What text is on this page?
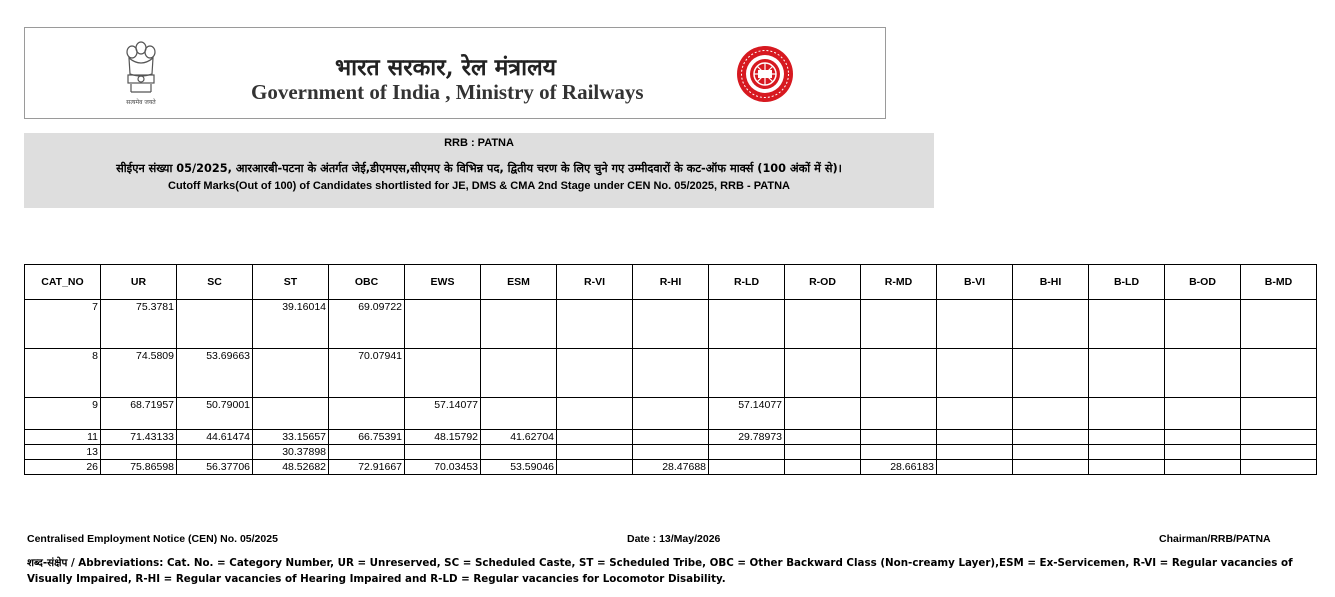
सत्यमेव जयते
भारत सरकार, रेल मंत्रालय
Government of India , Ministry of Railways
RRB : PATNA
सीईएन संख्या 05/2025, आरआरबी-पटना के अंतर्गत जेई,डीएमएस,सीएमए के विभिन्न पद, द्वितीय चरण के लिए चुने गए उम्मीदवारों के कट-ऑफ मार्क्स (100 अंकों में से)।
Cutoff Marks(Out of 100) of Candidates shortlisted for JE, DMS & CMA 2nd Stage under CEN No. 05/2025, RRB - PATNA
CAT_NO	UR	SC	ST	OBC	EWS	ESM	R-VI	R-HI	R-LD	R-OD	R-MD	B-VI	B-HI	B-LD	B-OD	B-MD
7	75.3781		39.16014	69.09722												
8	74.5809	53.69663		70.07941												
9	68.71957	50.79001			57.14077				57.14077							
11	71.43133	44.61474	33.15657	66.75391	48.15792	41.62704			29.78973							
13			30.37898													
26	75.86598	56.37706	48.52682	72.91667	70.03453	53.59046		28.47688			28.66183					
Centralised Employment Notice (CEN) No. 05/2025	Date : 13/May/2026	Chairman/RRB/PATNA
शब्द-संक्षेप / Abbreviations: Cat. No. = Category Number, UR = Unreserved, SC = Scheduled Caste, ST = Scheduled Tribe, OBC = Other Backward Class (Non-creamy Layer),ESM = Ex-Servicemen, R-VI = Regular vacancies of Visually Impaired, R-HI = Regular vacancies of Hearing Impaired and R-LD = Regular vacancies for Locomotor Disability.
